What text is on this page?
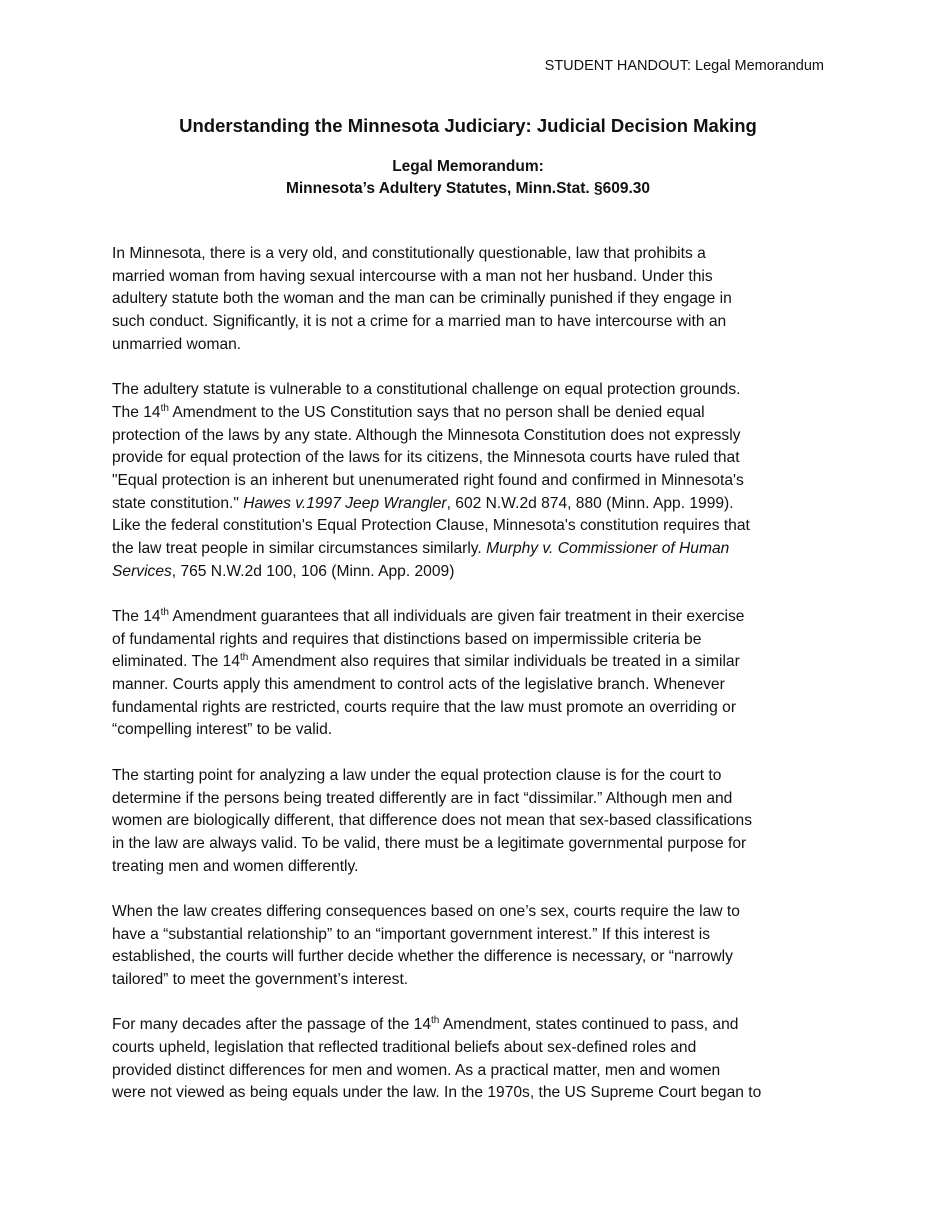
STUDENT HANDOUT: Legal Memorandum
Understanding the Minnesota Judiciary: Judicial Decision Making
Legal Memorandum:
Minnesota’s Adultery Statutes, Minn.Stat. §609.30
In Minnesota, there is a very old, and constitutionally questionable, law that prohibits a
married woman from having sexual intercourse with a man not her husband. Under this
adultery statute both the woman and the man can be criminally punished if they engage in
such conduct. Significantly, it is not a crime for a married man to have intercourse with an
unmarried woman.
The adultery statute is vulnerable to a constitutional challenge on equal protection grounds.
The 14th Amendment to the US Constitution says that no person shall be denied equal
protection of the laws by any state. Although the Minnesota Constitution does not expressly
provide for equal protection of the laws for its citizens, the Minnesota courts have ruled that
"Equal protection is an inherent but unenumerated right found and confirmed in Minnesota's
state constitution." Hawes v.1997 Jeep Wrangler, 602 N.W.2d 874, 880 (Minn. App. 1999).
Like the federal constitution's Equal Protection Clause, Minnesota's constitution requires that
the law treat people in similar circumstances similarly. Murphy v. Commissioner of Human
Services, 765 N.W.2d 100, 106 (Minn. App. 2009)
The 14th Amendment guarantees that all individuals are given fair treatment in their exercise
of fundamental rights and requires that distinctions based on impermissible criteria be
eliminated. The 14th Amendment also requires that similar individuals be treated in a similar
manner. Courts apply this amendment to control acts of the legislative branch. Whenever
fundamental rights are restricted, courts require that the law must promote an overriding or
“compelling interest” to be valid.
The starting point for analyzing a law under the equal protection clause is for the court to
determine if the persons being treated differently are in fact “dissimilar.” Although men and
women are biologically different, that difference does not mean that sex-based classifications
in the law are always valid. To be valid, there must be a legitimate governmental purpose for
treating men and women differently.
When the law creates differing consequences based on one’s sex, courts require the law to
have a “substantial relationship” to an “important government interest.” If this interest is
established, the courts will further decide whether the difference is necessary, or “narrowly
tailored” to meet the government’s interest.
For many decades after the passage of the 14th Amendment, states continued to pass, and
courts upheld, legislation that reflected traditional beliefs about sex-defined roles and
provided distinct differences for men and women. As a practical matter, men and women
were not viewed as being equals under the law. In the 1970s, the US Supreme Court began to
